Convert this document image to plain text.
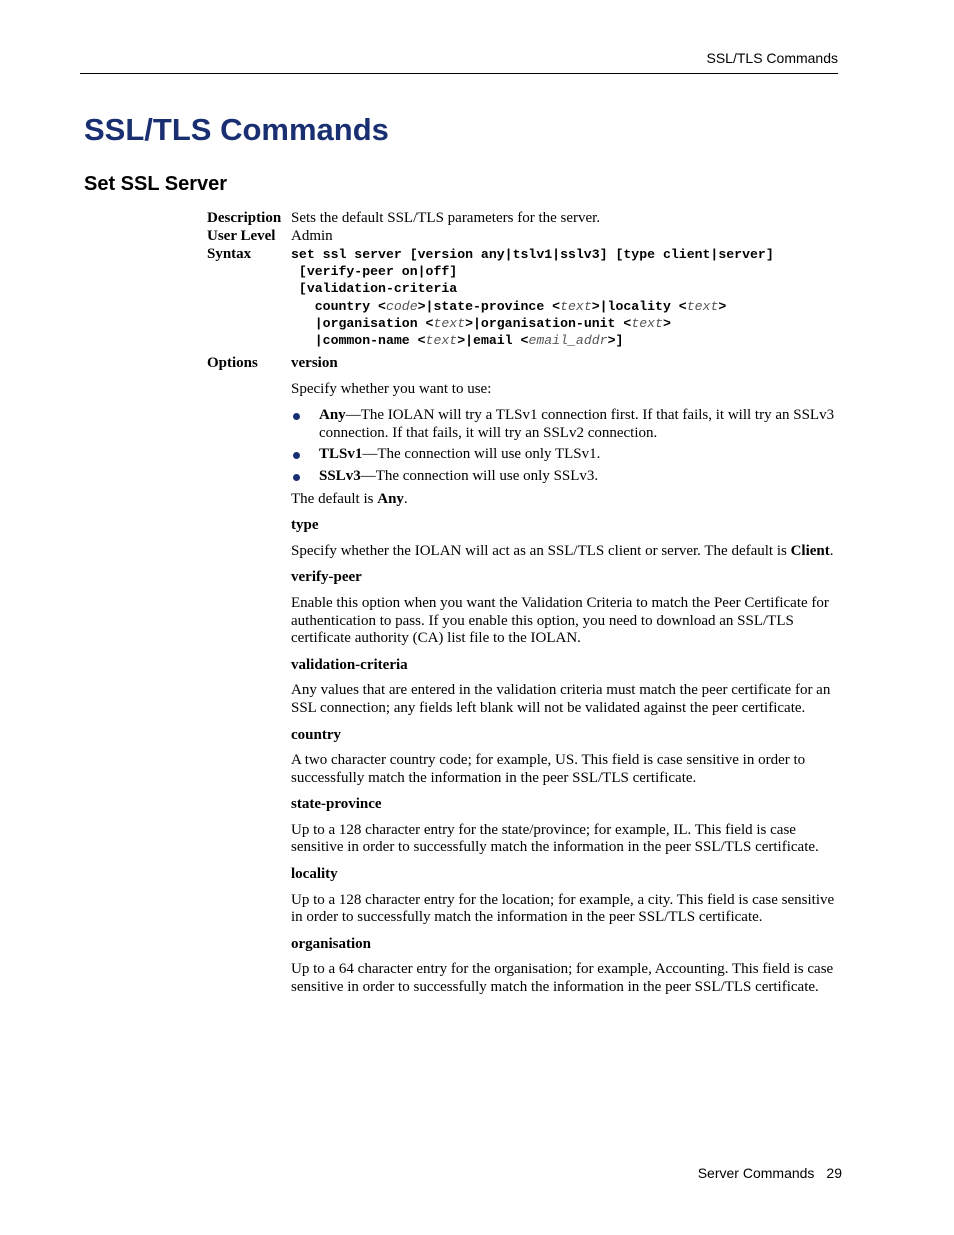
SSL/TLS Commands
SSL/TLS Commands
Set SSL Server
Description Sets the default SSL/TLS parameters for the server.
User Level Admin
Syntax	set ssl server [version any|tslv1|sslv3] [type client|server]
[verify-peer on|off]
[validation-criteria
country <code>|state-province <text>|locality <text>
|organisation <text>|organisation-unit <text>
|common-name <text>|email <email_addr>]
Options version
Specify whether you want to use:
Any—The IOLAN will try a TLSv1 connection first. If that fails, it will try an SSLv3 connection. If that fails, it will try an SSLv2 connection.
TLSv1—The connection will use only TLSv1.
SSLv3—The connection will use only SSLv3.
The default is Any.
type
Specify whether the IOLAN will act as an SSL/TLS client or server. The default is Client.
verify-peer
Enable this option when you want the Validation Criteria to match the Peer Certificate for authentication to pass. If you enable this option, you need to download an SSL/TLS certificate authority (CA) list file to the IOLAN.
validation-criteria
Any values that are entered in the validation criteria must match the peer certificate for an SSL connection; any fields left blank will not be validated against the peer certificate.
country
A two character country code; for example, US. This field is case sensitive in order to successfully match the information in the peer SSL/TLS certificate.
state-province
Up to a 128 character entry for the state/province; for example, IL. This field is case sensitive in order to successfully match the information in the peer SSL/TLS certificate.
locality
Up to a 128 character entry for the location; for example, a city. This field is case sensitive in order to successfully match the information in the peer SSL/TLS certificate.
organisation
Up to a 64 character entry for the organisation; for example, Accounting. This field is case sensitive in order to successfully match the information in the peer SSL/TLS certificate.
Server Commands 29
